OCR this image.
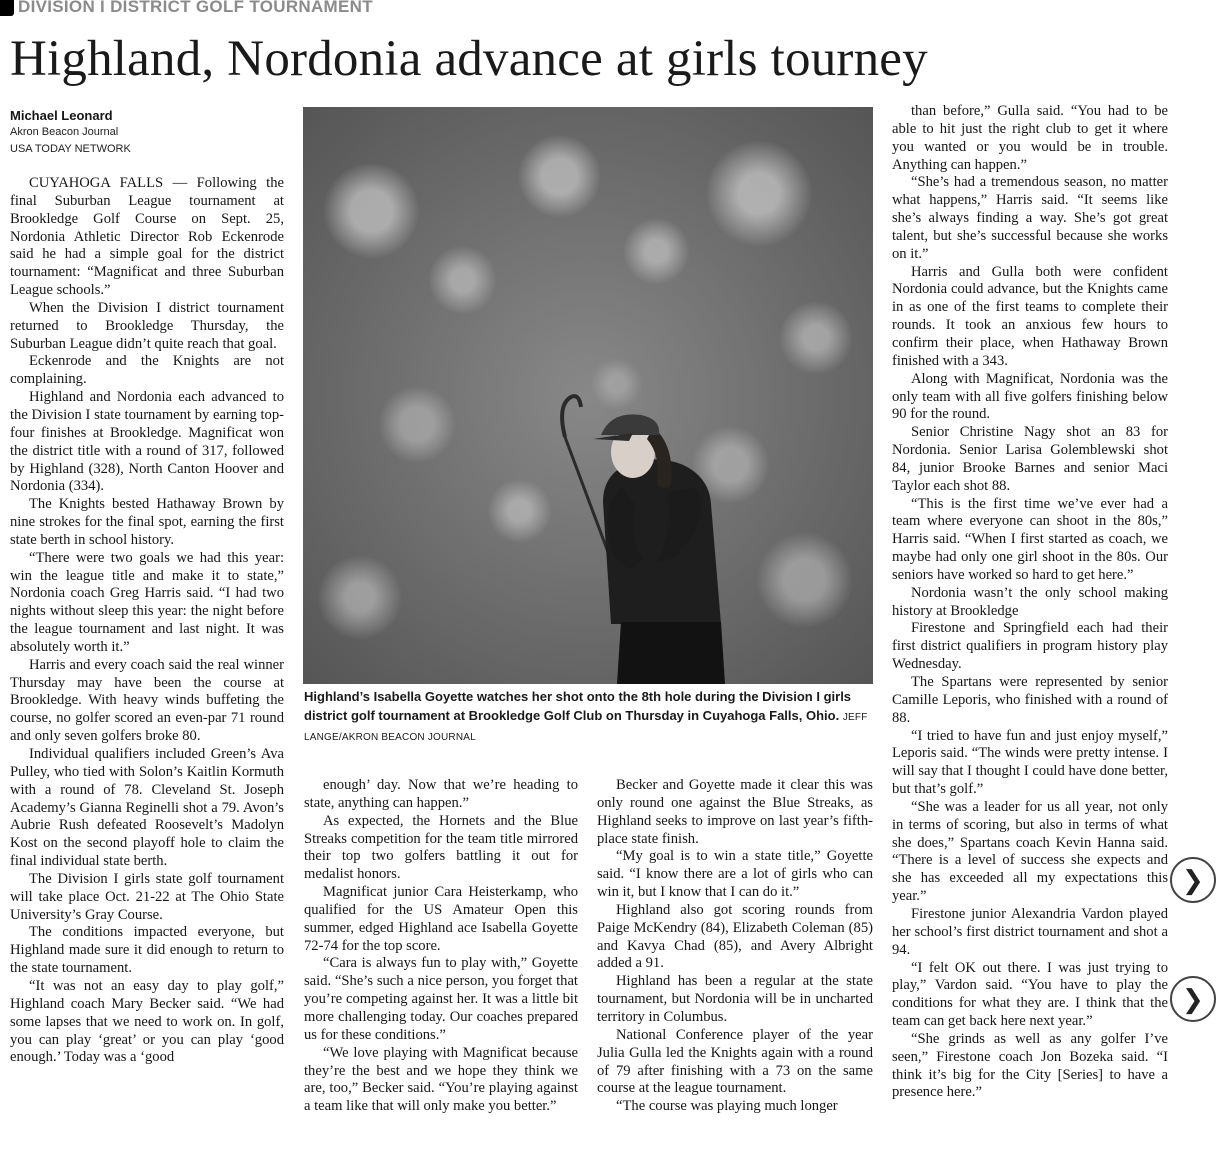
DIVISION I DISTRICT GOLF TOURNAMENT
Highland, Nordonia advance at girls tourney
Michael Leonard
Akron Beacon Journal
USA TODAY NETWORK

CUYAHOGA FALLS — Following the final Suburban League tournament at Brookledge Golf Course on Sept. 25, Nordonia Athletic Director Rob Eckenrode said he had a simple goal for the district tournament: “Magnificat and three Suburban League schools.”

When the Division I district tournament returned to Brookledge Thursday, the Suburban League didn’t quite reach that goal.

Eckenrode and the Knights are not complaining.

Highland and Nordonia each advanced to the Division I state tournament by earning top-four finishes at Brookledge. Magnificat won the district title with a round of 317, followed by Highland (328), North Canton Hoover and Nordonia (334).

The Knights bested Hathaway Brown by nine strokes for the final spot, earning the first state berth in school history.

“There were two goals we had this year: win the league title and make it to state,” Nordonia coach Greg Harris said. “I had two nights without sleep this year: the night before the league tournament and last night. It was absolutely worth it.”

Harris and every coach said the real winner Thursday may have been the course at Brookledge. With heavy winds buffeting the course, no golfer scored an even-par 71 round and only seven golfers broke 80.

Individual qualifiers included Green’s Ava Pulley, who tied with Solon’s Kaitlin Kormuth with a round of 78. Cleveland St. Joseph Academy’s Gianna Reginelli shot a 79. Avon’s Aubrie Rush defeated Roosevelt’s Madolyn Kost on the second playoff hole to claim the final individual state berth.

The Division I girls state golf tournament will take place Oct. 21-22 at The Ohio State University’s Gray Course.

The conditions impacted everyone, but Highland made sure it did enough to return to the state tournament.

“It was not an easy day to play golf,” Highland coach Mary Becker said. “We had some lapses that we need to work on. In golf, you can play ‘great’ or you can play ‘good enough.’ Today was a ‘good

Highland’s Isabella Goyette watches her shot onto the 8th hole during the Division I girls district golf tournament at Brookledge Golf Club on Thursday in Cuyahoga Falls, Ohio. JEFF LANGE/AKRON BEACON JOURNAL

enough’ day. Now that we’re heading to state, anything can happen.”

As expected, the Hornets and the Blue Streaks competition for the team title mirrored their top two golfers battling it out for medalist honors.

Magnificat junior Cara Heisterkamp, who qualified for the US Amateur Open this summer, edged Highland ace Isabella Goyette 72-74 for the top score.

“Cara is always fun to play with,” Goyette said. “She’s such a nice person, you forget that you’re competing against her. It was a little bit more challenging today. Our coaches prepared us for these conditions.”

“We love playing with Magnificat because they’re the best and we hope they think we are, too,” Becker said. “You’re playing against a team like that will only make you better.”

Becker and Goyette made it clear this was only round one against the Blue Streaks, as Highland seeks to improve on last year’s fifth-place state finish.

“My goal is to win a state title,” Goyette said. “I know there are a lot of girls who can win it, but I know that I can do it.”

Highland also got scoring rounds from Paige McKendry (84), Elizabeth Coleman (85) and Kavya Chad (85), and Avery Albright added a 91.

Highland has been a regular at the state tournament, but Nordonia will be in uncharted territory in Columbus.

National Conference player of the year Julia Gulla led the Knights again with a round of 79 after finishing with a 73 on the same course at the league tournament.

“The course was playing much longer

than before,” Gulla said. “You had to be able to hit just the right club to get it where you wanted or you would be in trouble. Anything can happen.”

“She’s had a tremendous season, no matter what happens,” Harris said. “It seems like she’s always finding a way. She’s got great talent, but she’s successful because she works on it.”

Harris and Gulla both were confident Nordonia could advance, but the Knights came in as one of the first teams to complete their rounds. It took an anxious few hours to confirm their place, when Hathaway Brown finished with a 343.

Along with Magnificat, Nordonia was the only team with all five golfers finishing below 90 for the round.

Senior Christine Nagy shot an 83 for Nordonia. Senior Larisa Golemblewski shot 84, junior Brooke Barnes and senior Maci Taylor each shot 88.

“This is the first time we’ve ever had a team where everyone can shoot in the 80s,” Harris said. “When I first started as coach, we maybe had only one girl shoot in the 80s. Our seniors have worked so hard to get here.”

Nordonia wasn’t the only school making history at Brookledge

Firestone and Springfield each had their first district qualifiers in program history play Wednesday.

The Spartans were represented by senior Camille Leporis, who finished with a round of 88.

“I tried to have fun and just enjoy myself,” Leporis said. “The winds were pretty intense. I will say that I thought I could have done better, but that’s golf.”

“She was a leader for us all year, not only in terms of scoring, but also in terms of what she does,” Spartans coach Kevin Hanna said. “There is a level of success she expects and she has exceeded all my expectations this year.”

Firestone junior Alexandria Vardon played her school’s first district tournament and shot a 94.

“I felt OK out there. I was just trying to play,” Vardon said. “You have to play the conditions for what they are. I think that the team can get back here next year.”

“She grinds as well as any golfer I’ve seen,” Firestone coach Jon Bozeka said. “I think it’s big for the City [Series] to have a presence here.”

❯
❯
